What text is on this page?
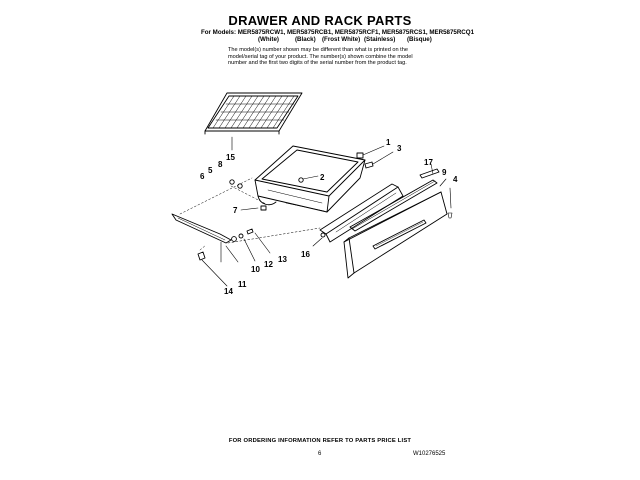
DRAWER AND RACK PARTS
For Models: MER5875RCW1, MER5875RCB1, MER5875RCF1, MER5875RCS1, MER5875RCQ1
(White)	(Black) (Frost White) (Stainless) (Bisque)
The model(s) number shown may be different than what is printed on the
model/serial tag of your product. The number(s) shown combine the model
number and the first two digits of the serial number from the product tag.
1
2
3
4
5
6
7
8
9
10
11
12
13
14
15
16
17
FOR ORDERING INFORMATION REFER TO PARTS PRICE LIST
6	W10276525
